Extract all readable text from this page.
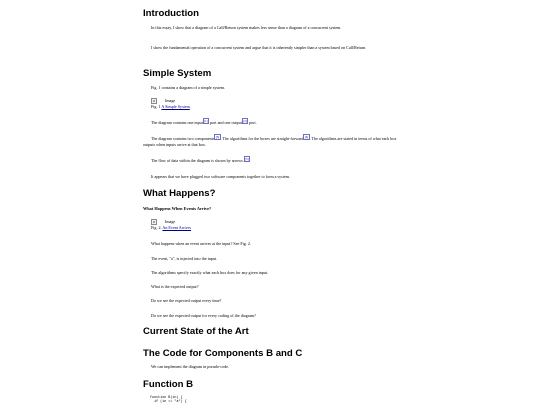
Introduction

In this essay, I show that a diagram of a Call/Return system makes less sense than a diagram of a concurrent system.

I show the fundamental operation of a concurrent system and argue that it is inherently simpler than a system based on Call/Return.

Simple System

Fig. 1 contains a diagram of a simple system.

Image
Fig. 1 A Simple System

The diagram contains one input[1] port and one output[2] port.

The diagram contains two components[3]. The algorithms for the boxes are straight-forward[4]. The algorithms are stated in terms of what each box outputs when inputs arrive at that box.

The flow of data within the diagram is shown by arrows.[5]

It appears that we have plugged two software components together to form a system.

What Happens?

What Happens When Events Arrive?

Image
Fig. 2. An Event Arrives

What happens when an event arrives at the input? See Fig. 2.

The event, "a", is injected into the input.

The algorithms specify exactly what each box does for any given input.

What is the expected output?

Do we see the expected output every time?

Do we see the expected output for every coding of the diagram?

Current State of the Art
The Code for Components B and C

We can implement the diagram in pseudo-code.

Function B
function B(in) {
if (in == "a") {
